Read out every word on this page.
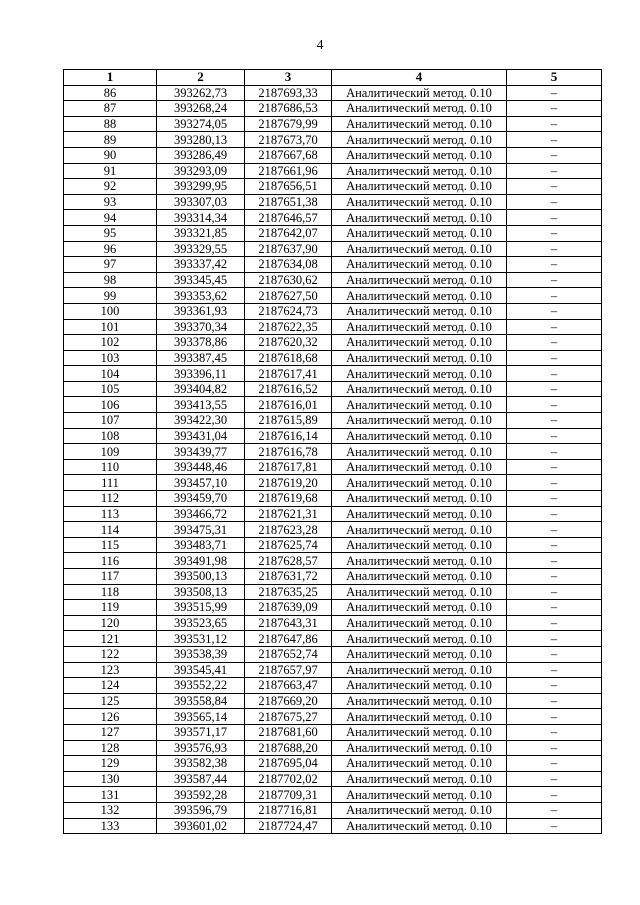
4
1	2	3	4	5
86	393262,73	2187693,33	Аналитический метод. 0.10	–
87	393268,24	2187686,53	Аналитический метод. 0.10	–
88	393274,05	2187679,99	Аналитический метод. 0.10	–
89	393280,13	2187673,70	Аналитический метод. 0.10	–
90	393286,49	2187667,68	Аналитический метод. 0.10	–
91	393293,09	2187661,96	Аналитический метод. 0.10	–
92	393299,95	2187656,51	Аналитический метод. 0.10	–
93	393307,03	2187651,38	Аналитический метод. 0.10	–
94	393314,34	2187646,57	Аналитический метод. 0.10	–
95	393321,85	2187642,07	Аналитический метод. 0.10	–
96	393329,55	2187637,90	Аналитический метод. 0.10	–
97	393337,42	2187634,08	Аналитический метод. 0.10	–
98	393345,45	2187630,62	Аналитический метод. 0.10	–
99	393353,62	2187627,50	Аналитический метод. 0.10	–
100	393361,93	2187624,73	Аналитический метод. 0.10	–
101	393370,34	2187622,35	Аналитический метод. 0.10	–
102	393378,86	2187620,32	Аналитический метод. 0.10	–
103	393387,45	2187618,68	Аналитический метод. 0.10	–
104	393396,11	2187617,41	Аналитический метод. 0.10	–
105	393404,82	2187616,52	Аналитический метод. 0.10	–
106	393413,55	2187616,01	Аналитический метод. 0.10	–
107	393422,30	2187615,89	Аналитический метод. 0.10	–
108	393431,04	2187616,14	Аналитический метод. 0.10	–
109	393439,77	2187616,78	Аналитический метод. 0.10	–
110	393448,46	2187617,81	Аналитический метод. 0.10	–
111	393457,10	2187619,20	Аналитический метод. 0.10	–
112	393459,70	2187619,68	Аналитический метод. 0.10	–
113	393466,72	2187621,31	Аналитический метод. 0.10	–
114	393475,31	2187623,28	Аналитический метод. 0.10	–
115	393483,71	2187625,74	Аналитический метод. 0.10	–
116	393491,98	2187628,57	Аналитический метод. 0.10	–
117	393500,13	2187631,72	Аналитический метод. 0.10	–
118	393508,13	2187635,25	Аналитический метод. 0.10	–
119	393515,99	2187639,09	Аналитический метод. 0.10	–
120	393523,65	2187643,31	Аналитический метод. 0.10	–
121	393531,12	2187647,86	Аналитический метод. 0.10	–
122	393538,39	2187652,74	Аналитический метод. 0.10	–
123	393545,41	2187657,97	Аналитический метод. 0.10	–
124	393552,22	2187663,47	Аналитический метод. 0.10	–
125	393558,84	2187669,20	Аналитический метод. 0.10	–
126	393565,14	2187675,27	Аналитический метод. 0.10	–
127	393571,17	2187681,60	Аналитический метод. 0.10	–
128	393576,93	2187688,20	Аналитический метод. 0.10	–
129	393582,38	2187695,04	Аналитический метод. 0.10	–
130	393587,44	2187702,02	Аналитический метод. 0.10	–
131	393592,28	2187709,31	Аналитический метод. 0.10	–
132	393596,79	2187716,81	Аналитический метод. 0.10	–
133	393601,02	2187724,47	Аналитический метод. 0.10	–
